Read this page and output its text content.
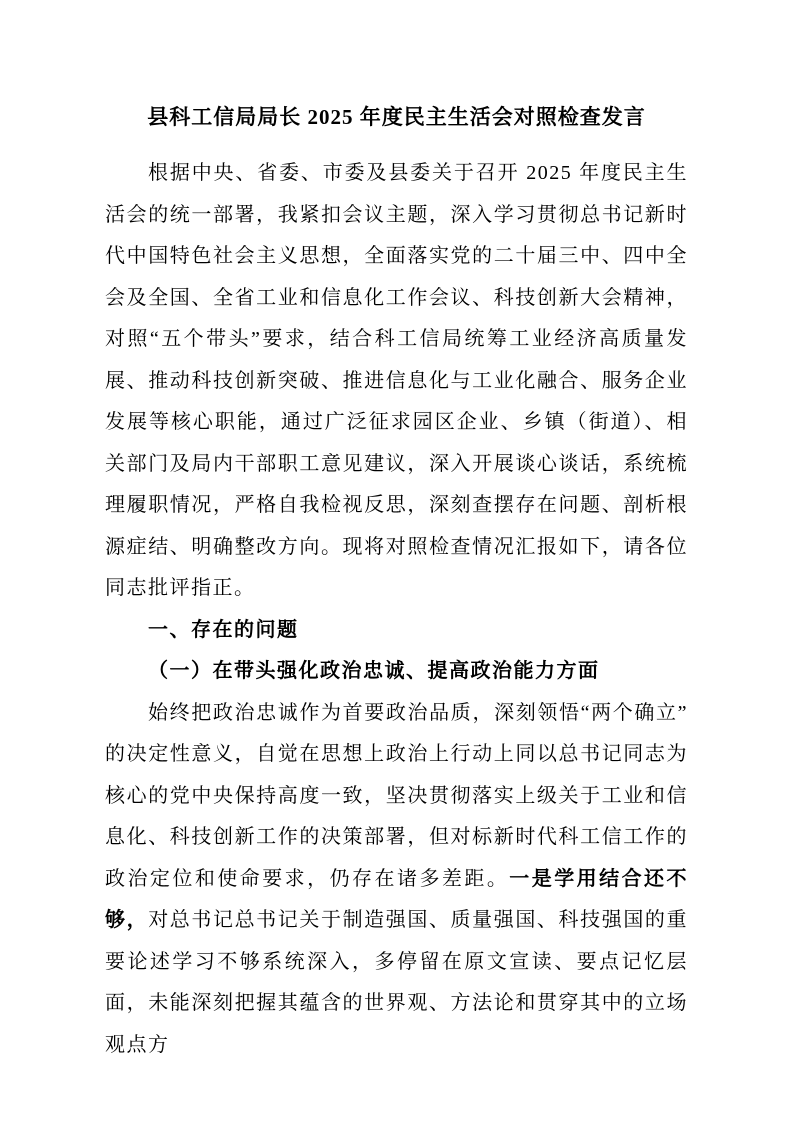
县科工信局局长 2025 年度民主生活会对照检查发言

根据中央、省委、市委及县委关于召开 2025 年度民主生活会的统一部署，我紧扣会议主题，深入学习贯彻总书记新时代中国特色社会主义思想，全面落实党的二十届三中、四中全会及全国、全省工业和信息化工作会议、科技创新大会精神，对照“五个带头”要求，结合科工信局统筹工业经济高质量发展、推动科技创新突破、推进信息化与工业化融合、服务企业发展等核心职能，通过广泛征求园区企业、乡镇（街道）、相关部门及局内干部职工意见建议，深入开展谈心谈话，系统梳理履职情况，严格自我检视反思，深刻查摆存在问题、剖析根源症结、明确整改方向。现将对照检查情况汇报如下，请各位同志批评指正。

一、存在的问题

（一）在带头强化政治忠诚、提高政治能力方面

始终把政治忠诚作为首要政治品质，深刻领悟“两个确立”的决定性意义，自觉在思想上政治上行动上同以总书记同志为核心的党中央保持高度一致，坚决贯彻落实上级关于工业和信息化、科技创新工作的决策部署，但对标新时代科工信工作的政治定位和使命要求，仍存在诸多差距。一是学用结合还不够，对总书记总书记关于制造强国、质量强国、科技强国的重要论述学习不够系统深入，多停留在原文宣读、要点记忆层面，未能深刻把握其蕴含的世界观、方法论和贯穿其中的立场观点方
